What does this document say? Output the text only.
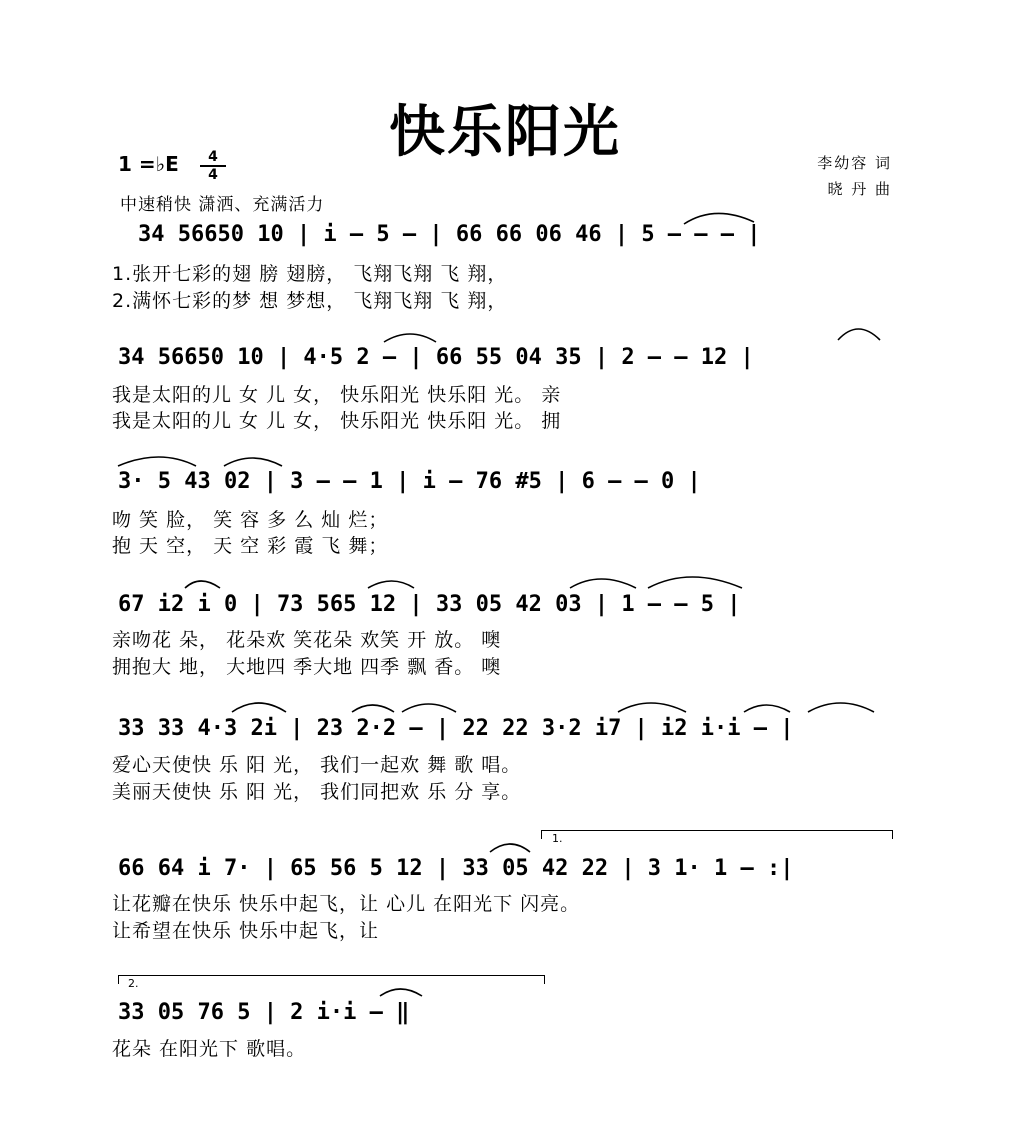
快乐阳光
1 =♭E	4
4
中速稍快 潇洒、充满活力
李幼容 词
晓 丹 曲
34 56650 10 | i – 5 – | 66 66 06 46 | 5 – – – |
1.张开七彩的翅 膀 翅膀， 飞翔飞翔 飞 翔，
2.满怀七彩的梦 想 梦想， 飞翔飞翔 飞 翔，
34 56650 10 | 4·5 2 – | 66 55 04 35 | 2 – – 12 |
我是太阳的儿 女 儿 女， 快乐阳光 快乐阳 光。 亲
我是太阳的儿 女 儿 女， 快乐阳光 快乐阳 光。 拥
3· 5 43 02 | 3 – – 1 | i – 76 #5 | 6 – – 0 |
吻 笑 脸， 笑 容 多 么 灿 烂；
抱 天 空， 天 空 彩 霞 飞 舞；
67 i2 i 0 | 73 565 12 | 33 05 42 03 | 1 – – 5 |
亲吻花 朵， 花朵欢 笑花朵 欢笑 开 放。 噢
拥抱大 地， 大地四 季大地 四季 飘 香。 噢
33 33 4·3 2i | 23 2·2 – | 22 22 3·2 i7 | i2 i·i – |
爱心天使快 乐 阳 光， 我们一起欢 舞 歌 唱。
美丽天使快 乐 阳 光， 我们同把欢 乐 分 享。
1.
66 64 i 7· | 65 56 5 12 | 33 05 42 22 | 3 1· 1 – :|
让花瓣在快乐 快乐中起飞，让 心儿 在阳光下 闪亮。
让希望在快乐 快乐中起飞，让
2.
33 05 76 5 | 2 i·i – ‖
花朵 在阳光下 歌唱。
